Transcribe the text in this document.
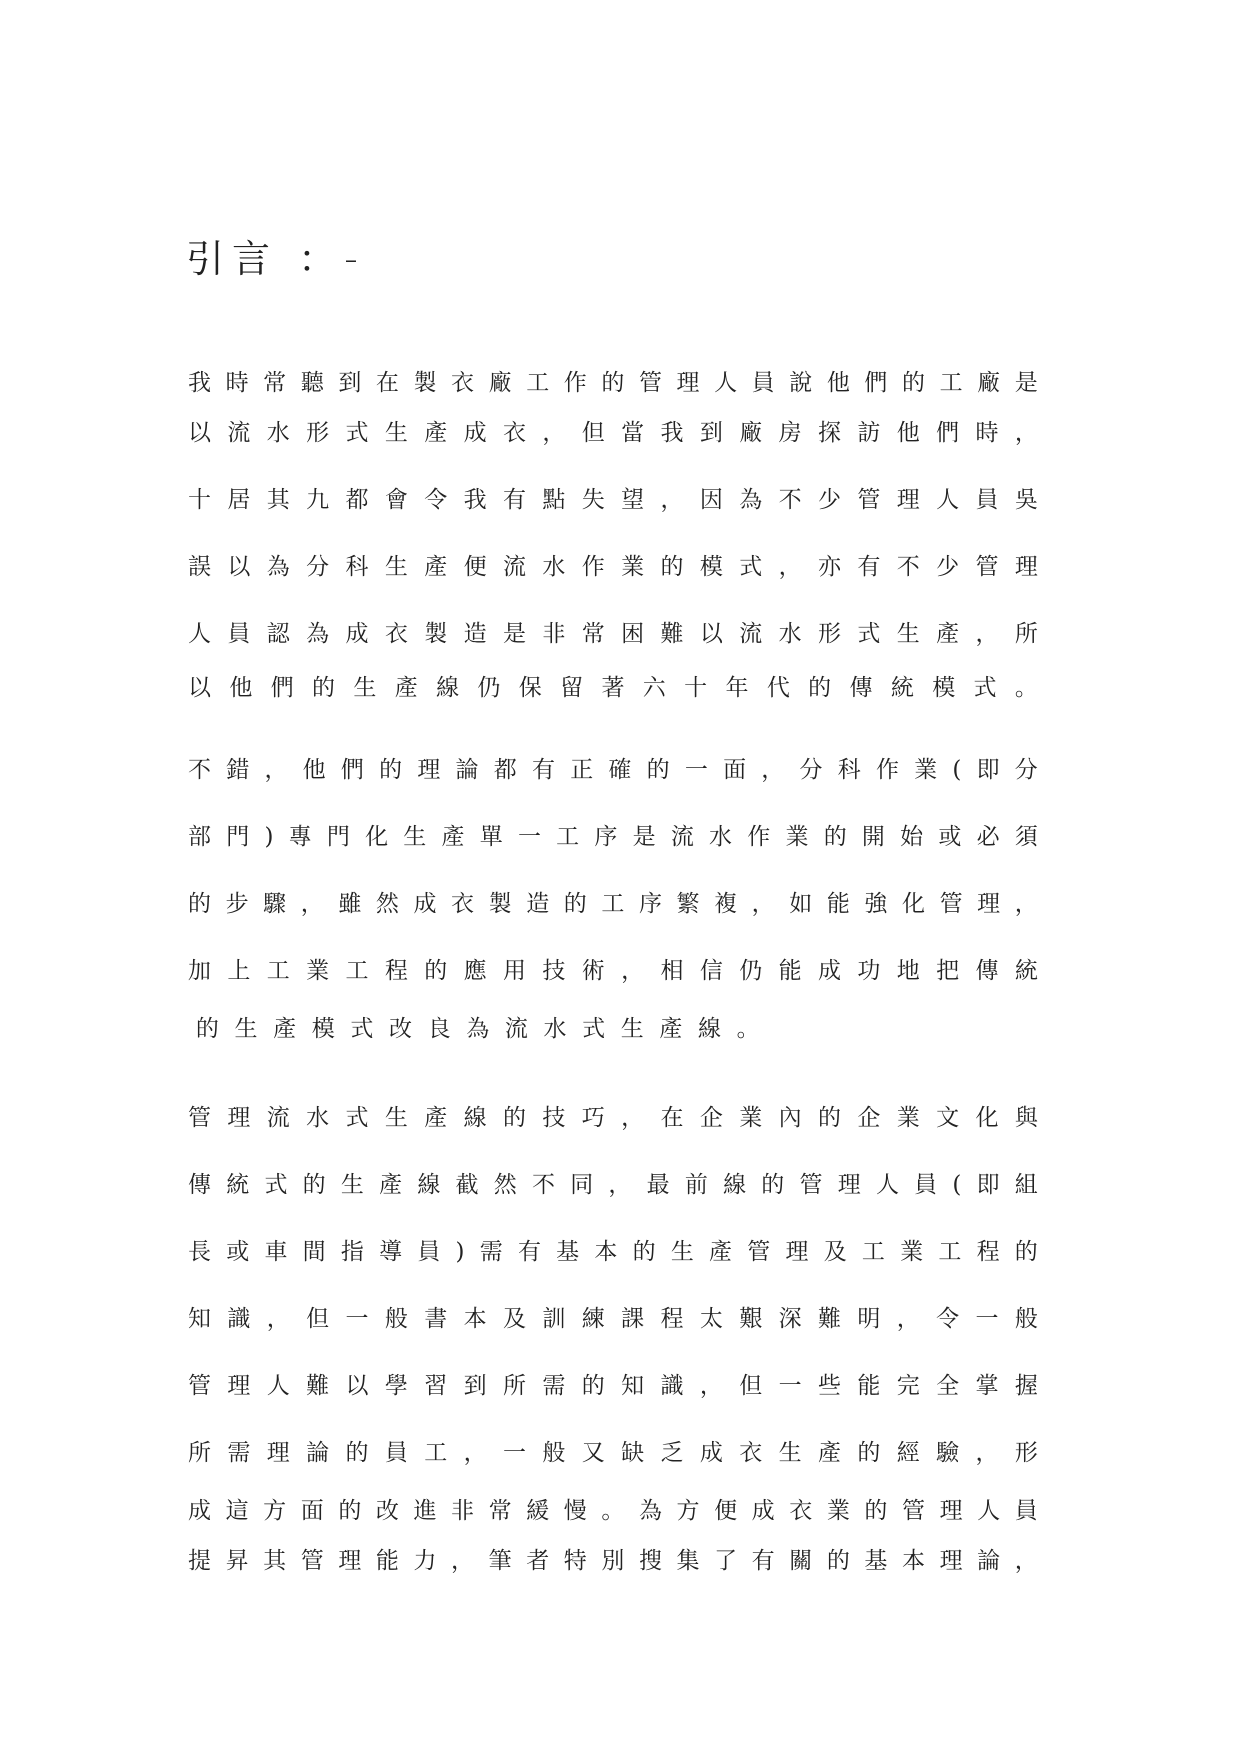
引言 ：-
我 時 常 聽 到 在 製 衣 廠 工 作 的 管 理 人 員 說 他 們 的 工 廠 是
以 流 水 形 式 生 產 成 衣 ， 但 當 我 到 廠 房 探 訪 他 們 時 ，
十 居 其 九 都 會 令 我 有 點 失 望 ， 因 為 不 少 管 理 人 員 吳
誤 以 為 分 科 生 產 便 流 水 作 業 的 模 式 ， 亦 有 不 少 管 理
人 員 認 為 成 衣 製 造 是 非 常 困 難 以 流 水 形 式 生 產 ， 所
以 他 們 的 生 產 線 仍 保 留 著 六 十 年 代 的 傳 統 模 式 。
不 錯 ， 他 們 的 理 論 都 有 正 確 的 一 面 ， 分 科 作 業 ( 即 分
部 門 ) 專 門 化 生 產 單 一 工 序 是 流 水 作 業 的 開 始 或 必 須
的 步 驟 ， 雖 然 成 衣 製 造 的 工 序 繁 複 ， 如 能 強 化 管 理 ，
加 上 工 業 工 程 的 應 用 技 術 ， 相 信 仍 能 成 功 地 把 傳 統
的 生 產 模 式 改 良 為 流 水 式 生 產 線 。
管 理 流 水 式 生 產 線 的 技 巧 ， 在 企 業 內 的 企 業 文 化 與
傳 統 式 的 生 產 線 截 然 不 同 ， 最 前 線 的 管 理 人 員 ( 即 組
長 或 車 間 指 導 員 ) 需 有 基 本 的 生 產 管 理 及 工 業 工 程 的
知 識 ， 但 一 般 書 本 及 訓 練 課 程 太 艱 深 難 明 ， 令 一 般
管 理 人 難 以 學 習 到 所 需 的 知 識 ， 但 一 些 能 完 全 掌 握
所 需 理 論 的 員 工 ， 一 般 又 缺 乏 成 衣 生 產 的 經 驗 ， 形
成 這 方 面 的 改 進 非 常 緩 慢 。 為 方 便 成 衣 業 的 管 理 人 員
提 昇 其 管 理 能 力 ， 筆 者 特 別 搜 集 了 有 關 的 基 本 理 論 ，
